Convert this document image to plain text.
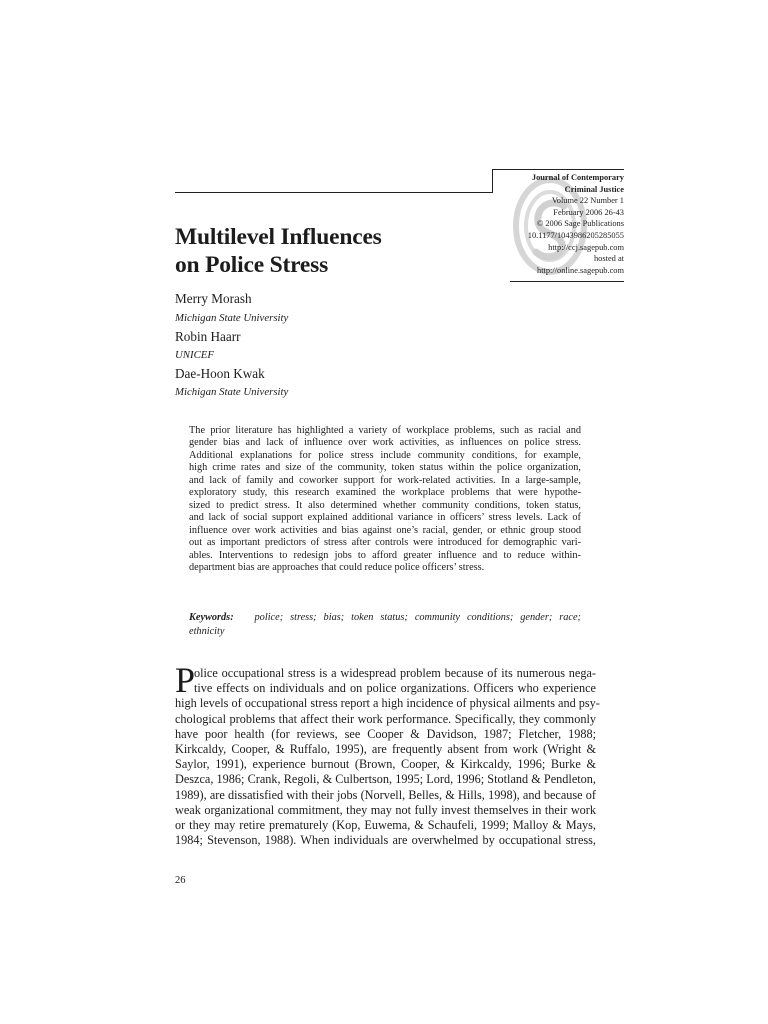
Journal of Contemporary
Criminal Justice
Volume 22 Number 1
February 2006 26-43
© 2006 Sage Publications
10.1177/1043986205285055
http://ccj.sagepub.com
hosted at
http://online.sagepub.com
Multilevel Influences
on Police Stress
Merry Morash
Michigan State University
Robin Haarr
UNICEF
Dae-Hoon Kwak
Michigan State University
The prior literature has highlighted a variety of workplace problems, such as racial and
gender bias and lack of influence over work activities, as influences on police stress.
Additional explanations for police stress include community conditions, for example,
high crime rates and size of the community, token status within the police organization,
and lack of family and coworker support for work-related activities. In a large-sample,
exploratory study, this research examined the workplace problems that were hypothe-
sized to predict stress. It also determined whether community conditions, token status,
and lack of social support explained additional variance in officers’ stress levels. Lack of
influence over work activities and bias against one’s racial, gender, or ethnic group stood
out as important predictors of stress after controls were introduced for demographic vari-
ables. Interventions to redesign jobs to afford greater influence and to reduce within-
department bias are approaches that could reduce police officers’ stress.
Keywords: police; stress; bias; token status; community conditions; gender; race;
ethnicity
P
olice occupational stress is a widespread problem because of its numerous nega-
tive effects on individuals and on police organizations. Officers who experience
high levels of occupational stress report a high incidence of physical ailments and psy-
chological problems that affect their work performance. Specifically, they commonly
have poor health (for reviews, see Cooper & Davidson, 1987; Fletcher, 1988;
Kirkcaldy, Cooper, & Ruffalo, 1995), are frequently absent from work (Wright &
Saylor, 1991), experience burnout (Brown, Cooper, & Kirkcaldy, 1996; Burke &
Deszca, 1986; Crank, Regoli, & Culbertson, 1995; Lord, 1996; Stotland & Pendleton,
1989), are dissatisfied with their jobs (Norvell, Belles, & Hills, 1998), and because of
weak organizational commitment, they may not fully invest themselves in their work
or they may retire prematurely (Kop, Euwema, & Schaufeli, 1999; Malloy & Mays,
1984; Stevenson, 1988). When individuals are overwhelmed by occupational stress,
26
